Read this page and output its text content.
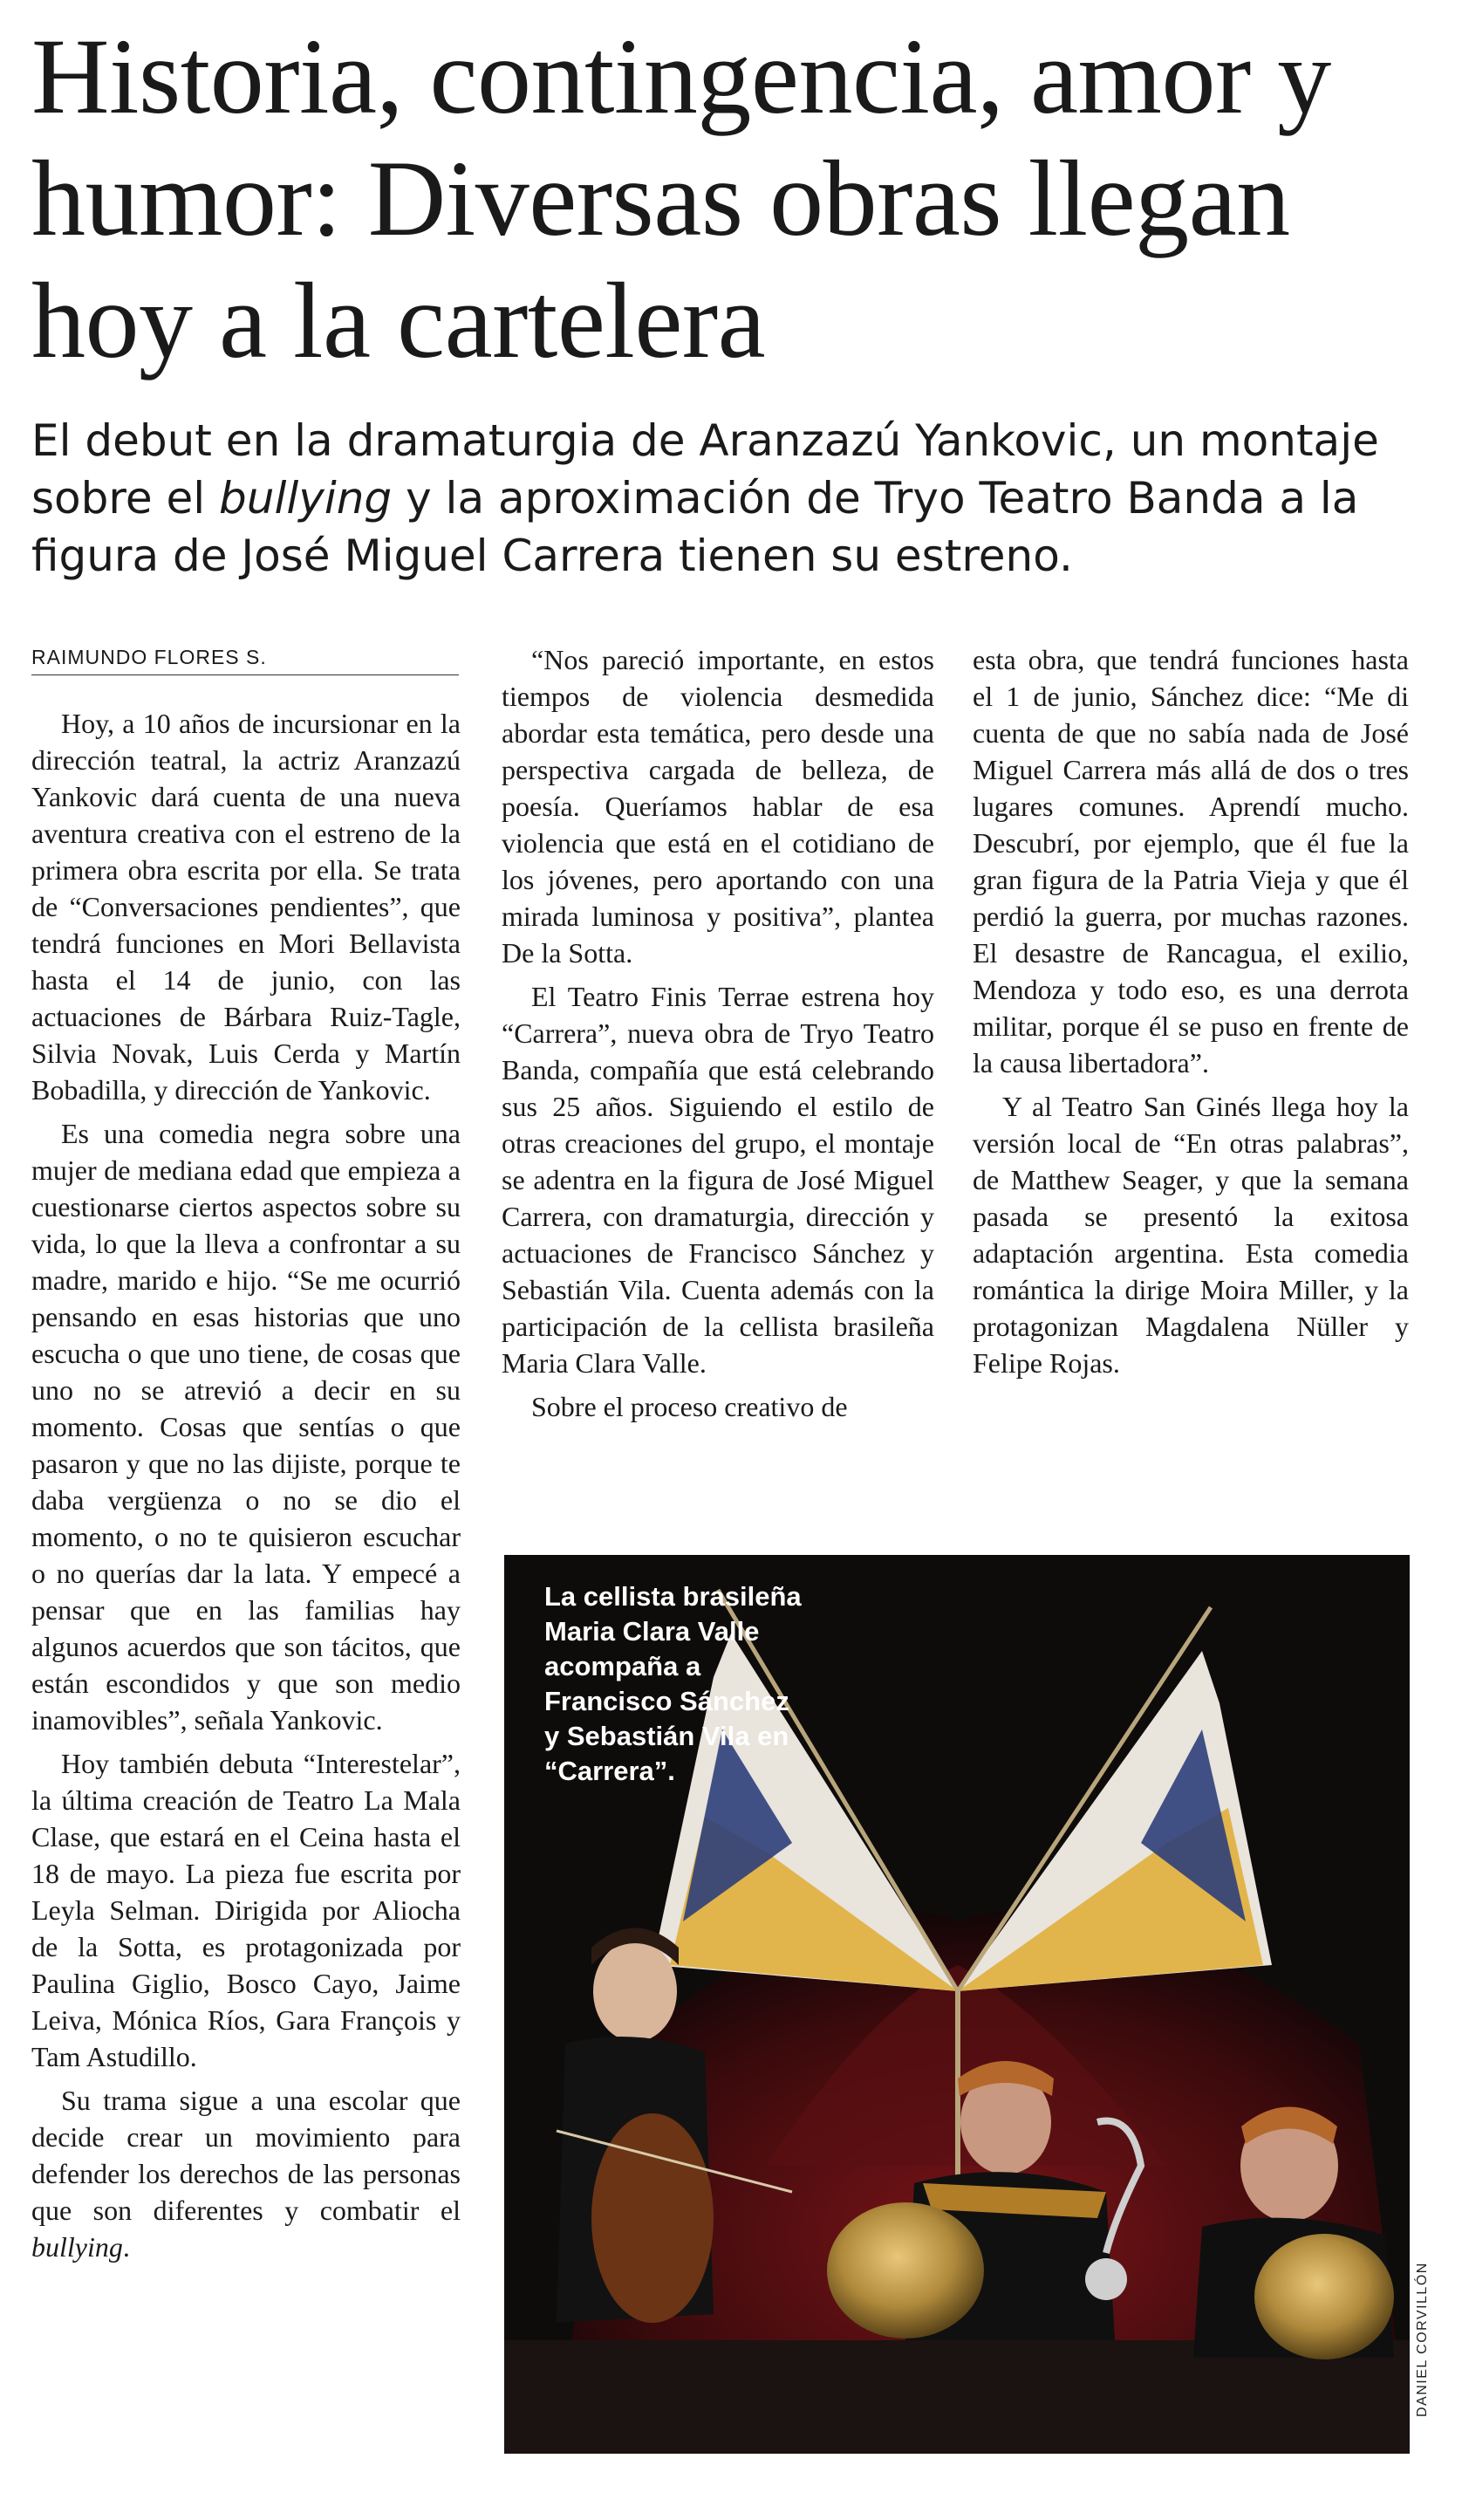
Historia, contingencia, amor y humor: Diversas obras llegan hoy a la cartelera

El debut en la dramaturgia de Aranzazú Yankovic, un montaje sobre el bullying y la aproximación de Tryo Teatro Banda a la figura de José Miguel Carrera tienen su estreno.

RAIMUNDO FLORES S.

Hoy, a 10 años de incursionar en la dirección teatral, la actriz Aranzazú Yankovic dará cuenta de una nueva aventura creativa con el estreno de la primera obra escrita por ella. Se trata de “Conversaciones pendientes”, que tendrá funciones en Mori Bellavista hasta el 14 de junio, con las actuaciones de Bárbara Ruiz-Tagle, Silvia Novak, Luis Cerda y Martín Bobadilla, y dirección de Yankovic.

Es una comedia negra sobre una mujer de mediana edad que empieza a cuestionarse ciertos aspectos sobre su vida, lo que la lleva a confrontar a su madre, marido e hijo. “Se me ocurrió pensando en esas historias que uno escucha o que uno tiene, de cosas que uno no se atrevió a decir en su momento. Cosas que sentías o que pasaron y que no las dijiste, porque te daba vergüenza o no se dio el momento, o no te quisieron escuchar o no querías dar la lata. Y empecé a pensar que en las familias hay algunos acuerdos que son tácitos, que están escondidos y que son medio inamovibles”, señala Yankovic.

Hoy también debuta “Interestelar”, la última creación de Teatro La Mala Clase, que estará en el Ceina hasta el 18 de mayo. La pieza fue escrita por Leyla Selman. Dirigida por Aliocha de la Sotta, es protagonizada por Paulina Giglio, Bosco Cayo, Jaime Leiva, Mónica Ríos, Gara François y Tam Astudillo.

Su trama sigue a una escolar que decide crear un movimiento para defender los derechos de las personas que son diferentes y combatir el bullying.

“Nos pareció importante, en estos tiempos de violencia desmedida abordar esta temática, pero desde una perspectiva cargada de belleza, de poesía. Queríamos hablar de esa violencia que está en el cotidiano de los jóvenes, pero aportando con una mirada luminosa y positiva”, plantea De la Sotta.

El Teatro Finis Terrae estrena hoy “Carrera”, nueva obra de Tryo Teatro Banda, compañía que está celebrando sus 25 años. Siguiendo el estilo de otras creaciones del grupo, el montaje se adentra en la figura de José Miguel Carrera, con dramaturgia, dirección y actuaciones de Francisco Sánchez y Sebastián Vila. Cuenta además con la participación de la cellista brasileña Maria Clara Valle.

Sobre el proceso creativo de

esta obra, que tendrá funciones hasta el 1 de junio, Sánchez dice: “Me di cuenta de que no sabía nada de José Miguel Carrera más allá de dos o tres lugares comunes. Aprendí mucho. Descubrí, por ejemplo, que él fue la gran figura de la Patria Vieja y que él perdió la guerra, por muchas razones. El desastre de Rancagua, el exilio, Mendoza y todo eso, es una derrota militar, porque él se puso en frente de la causa libertadora”.

Y al Teatro San Ginés llega hoy la versión local de “En otras palabras”, de Matthew Seager, y que la semana pasada se presentó la exitosa adaptación argentina. Esta comedia romántica la dirige Moira Miller, y la protagonizan Magdalena Nüller y Felipe Rojas.

La cellista brasileña Maria Clara Valle acompaña a Francisco Sánchez y Sebastián Vila en “Carrera”.
DANIEL CORVILLÓN
